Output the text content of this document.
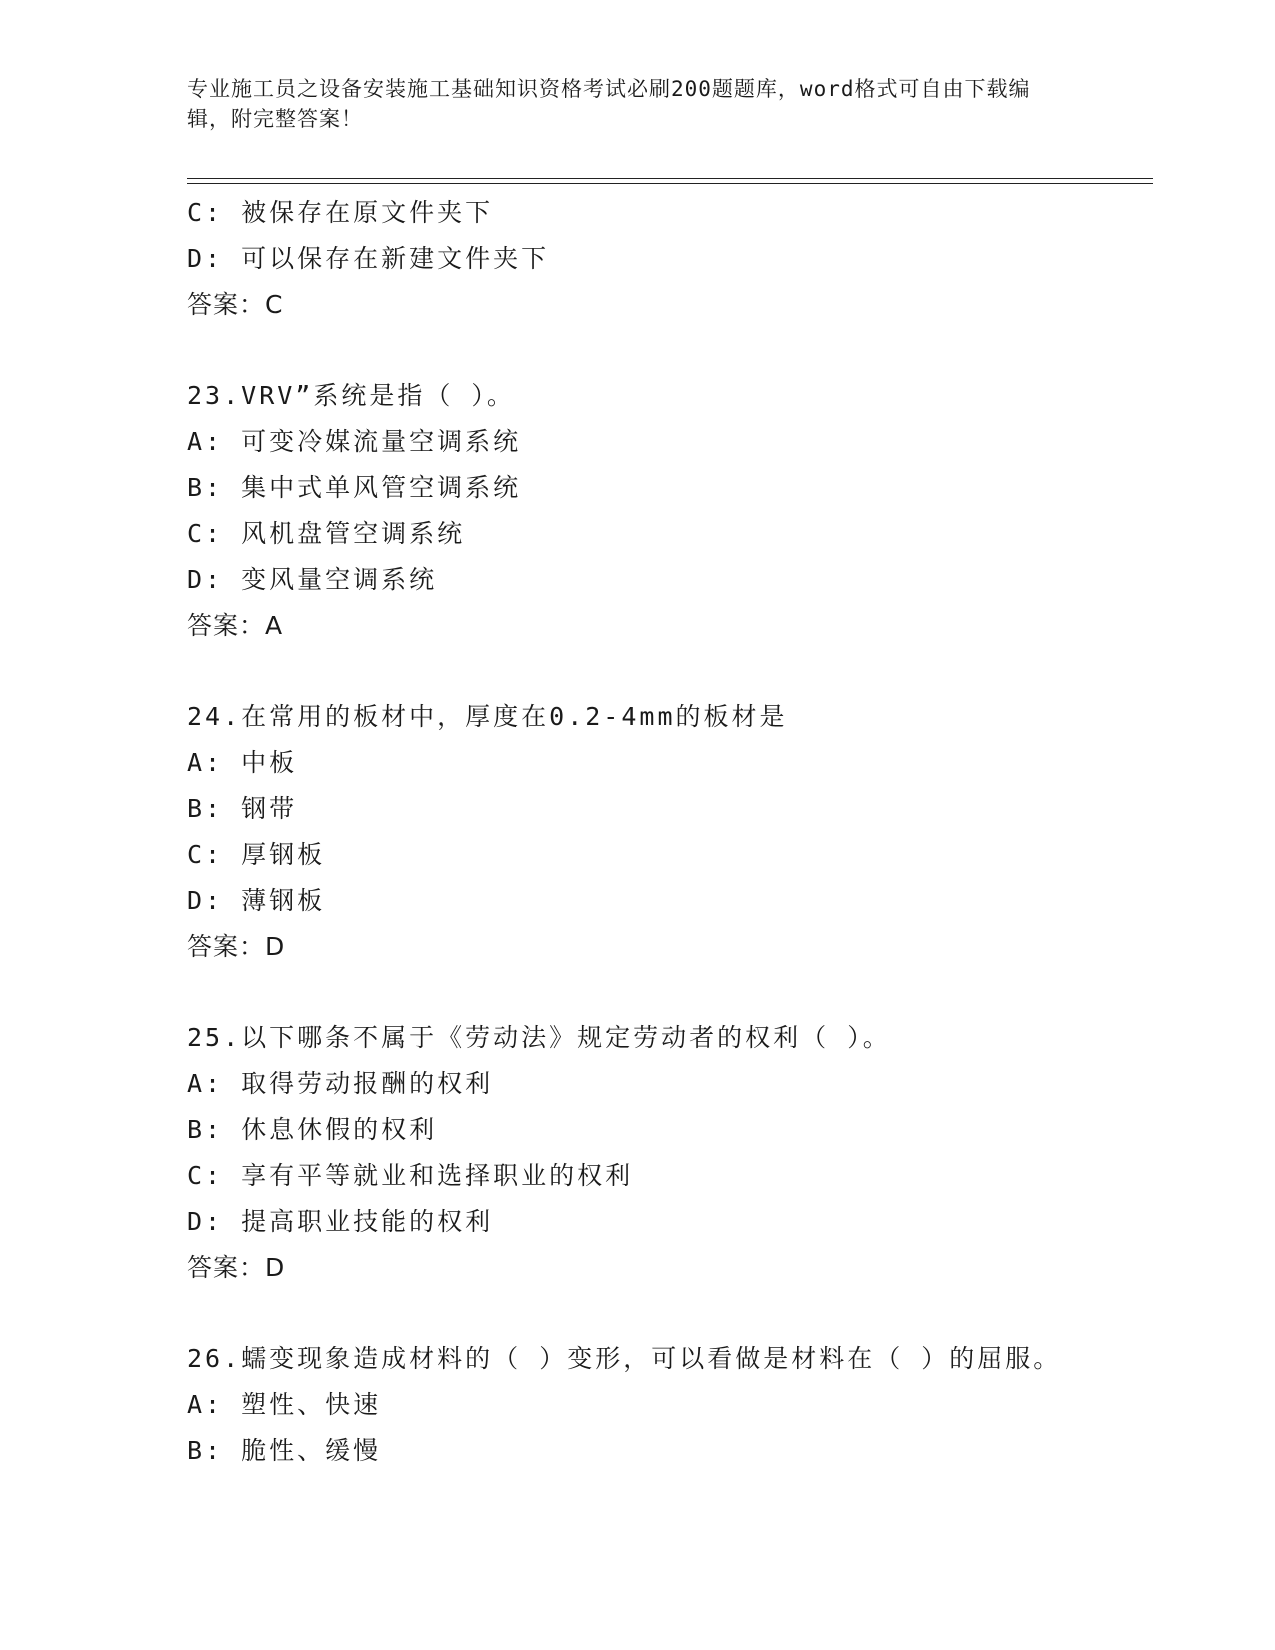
专业施工员之设备安装施工基础知识资格考试必刷200题题库，word格式可自由下载编辑，附完整答案！
C: 被保存在原文件夹下
D: 可以保存在新建文件夹下
答案：C
23.VRV”系统是指（ ）。
A: 可变冷媒流量空调系统
B: 集中式单风管空调系统
C: 风机盘管空调系统
D: 变风量空调系统
答案：A
24.在常用的板材中，厚度在0.2-4mm的板材是
A: 中板
B: 钢带
C: 厚钢板
D: 薄钢板
答案：D
25.以下哪条不属于《劳动法》规定劳动者的权利（ ）。
A: 取得劳动报酬的权利
B: 休息休假的权利
C: 享有平等就业和选择职业的权利
D: 提高职业技能的权利
答案：D
26.蠕变现象造成材料的（ ）变形，可以看做是材料在（ ）的屈服。
A: 塑性、快速
B: 脆性、缓慢
